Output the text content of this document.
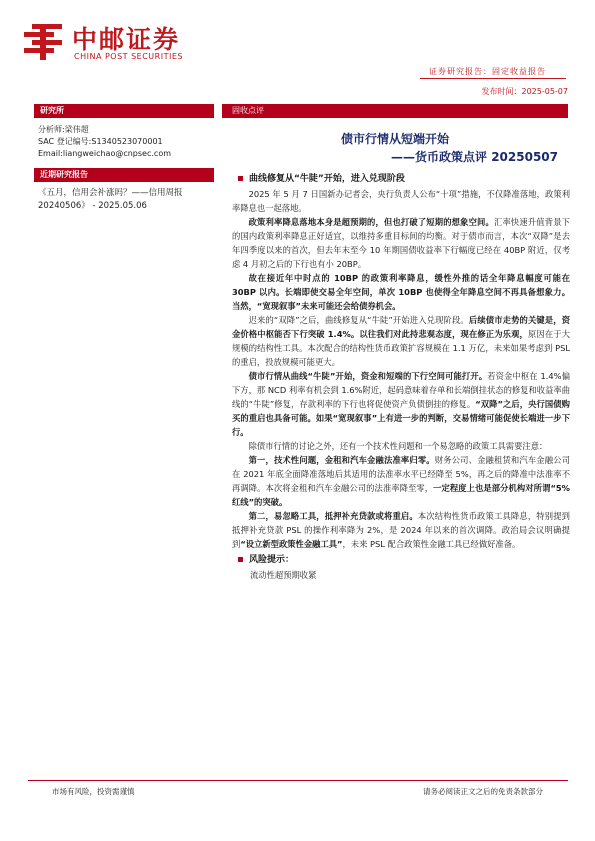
中邮证券
CHINA POST SECURITIES
证券研究报告：固定收益报告
发布时间：2025-05-07
研究所
分析师:梁伟超
SAC 登记编号:S1340523070001
Email:liangweichao@cnpsec.com
近期研究报告
《五月，信用会补涨吗？——信用周报 20240506》 - 2025.05.06
固收点评
债市行情从短端开始
——货币政策点评 20250507
曲线修复从“牛陡”开始，进入兑现阶段
2025 年 5 月 7 日国新办记者会，央行负责人公布“十项”措施，不仅降准落地，政策利率降息也一起落地。
政策利率降息落地本身是超预期的，但也打破了短期的想象空间。汇率快速升值背景下的国内政策利率降息正好适宜，以维持多重目标间的均衡。对于债市而言，本次“双降”是去年四季度以来的首次，但去年末至今 10 年期国债收益率下行幅度已经在 40BP 附近，仅考虑 4 月初之后的下行也有小 20BP。
故在接近年中时点的 10BP 的政策利率降息，缓性外推的话全年降息幅度可能在 30BP 以内。长端即使交易全年空间，单次 10BP 也使得全年降息空间不再具备想象力。当然，“宽现叙事”未来可能还会给债券机会。
迟来的“双降”之后，曲线修复从“牛陡”开始进入兑现阶段。后续债市走势的关键是，资金价格中枢能否下行突破 1.4%。以往我们对此持悲观态度，现在修正为乐观，原因在于大规模的结构性工具。本次配合的结构性货币政策扩容规模在 1.1 万亿，未来如果考虑到 PSL 的重启，投放规模可能更大。
债市行情从曲线“牛陡”开始，资金和短端的下行空间可能打开。若资金中枢在 1.4%偏下方，那 NCD 利率有机会到 1.6%附近，起码意味着存单和长端倒挂状态的修复和收益率曲线的“牛陡”修复，存款利率的下行也将促使资产负债倒挂的修复。“双降”之后，央行国债购买的重启也具备可能。如果“宽现叙事”上有进一步的判断，交易情绪可能促使长端进一步下行。
除债市行情的讨论之外，还有一个技术性问题和一个易忽略的政策工具需要注意：
第一，技术性问题，金租和汽车金融法准率归零。财务公司、金融租赁和汽车金融公司在 2021 年底全面降准落地后其适用的法准率水平已经降至 5%，再之后的降准中法准率不再调降。本次将金租和汽车金融公司的法准率降至零，一定程度上也是部分机构对所谓“5%红线”的突破。
第二，易忽略工具，抵押补充贷款或将重启。本次结构性货币政策工具降息，特别提到抵押补充贷款 PSL 的操作利率降为 2%，是 2024 年以来的首次调降。政治局会议明确提到“设立新型政策性金融工具”，未来 PSL 配合政策性金融工具已经做好准备。
风险提示：
流动性超预期收紧
市场有风险，投资需谨慎	请务必阅读正文之后的免责条款部分
